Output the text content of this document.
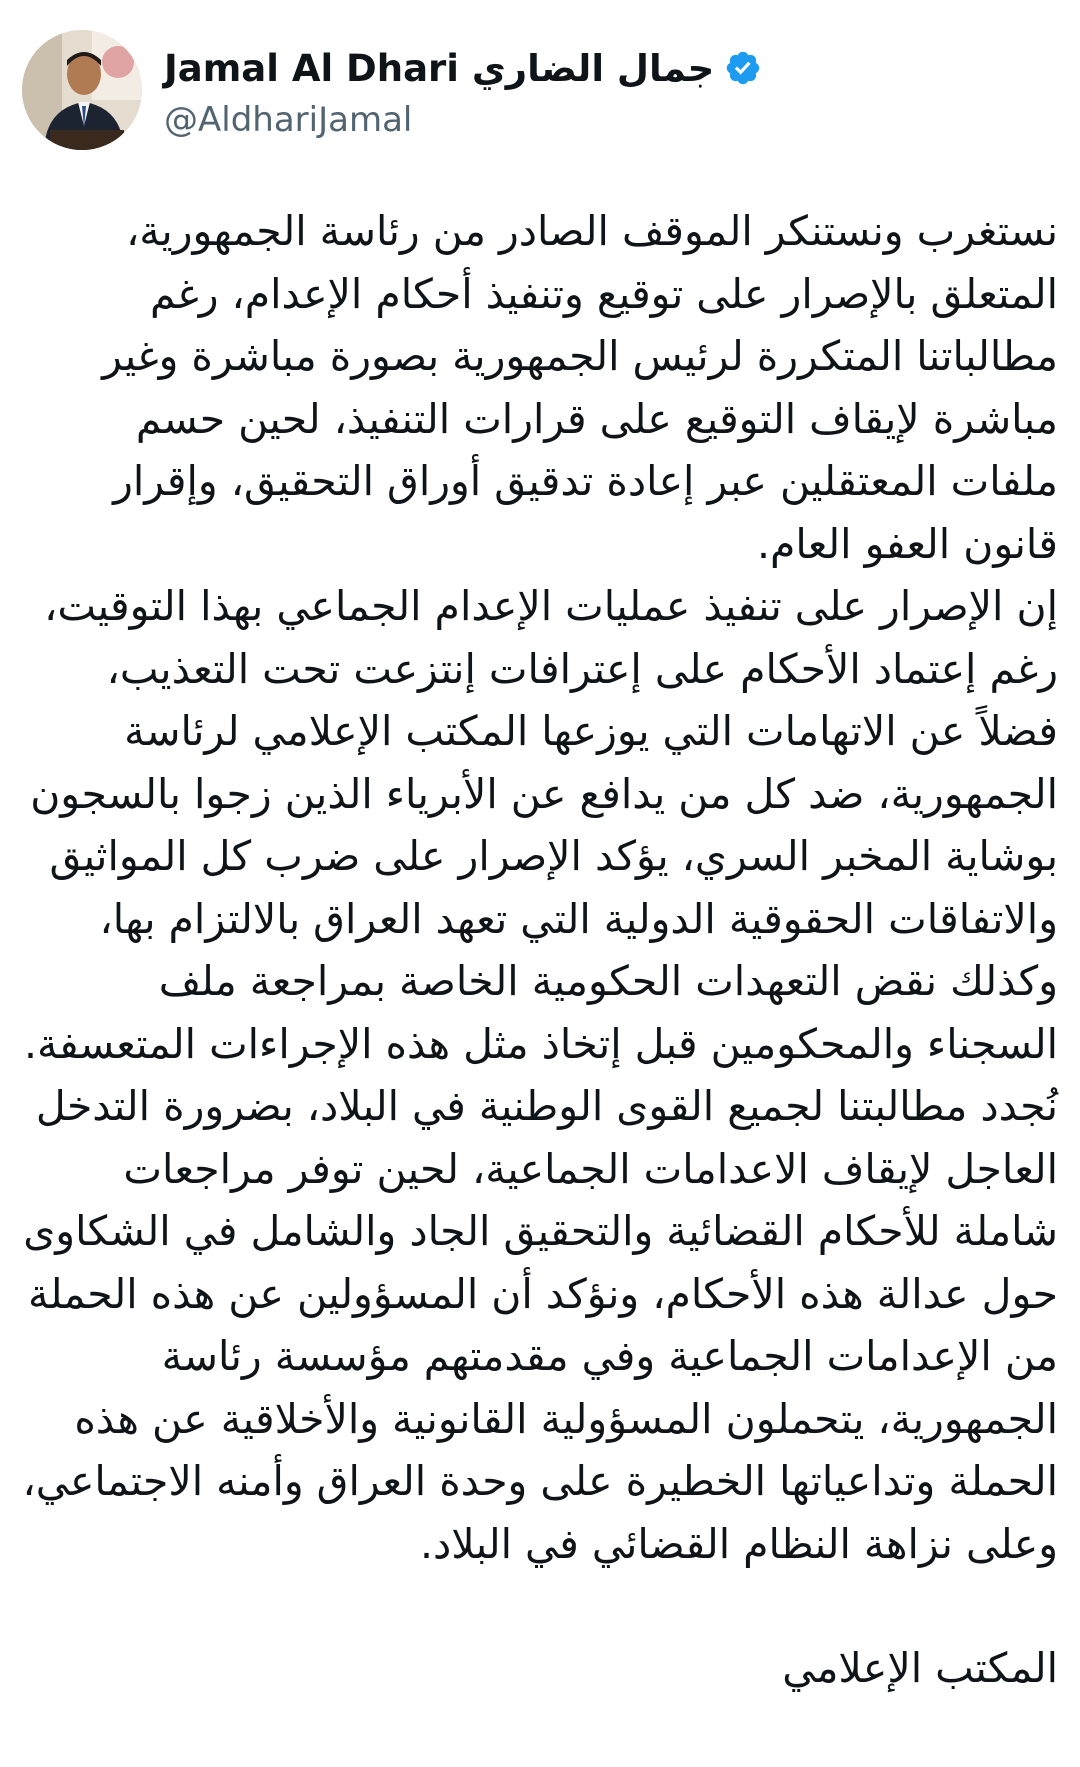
Jamal Al Dhari جمال الضاري
@AldhariJamal

نستغرب ونستنكر الموقف الصادر من رئاسة الجمهورية، المتعلق بالإصرار على توقيع وتنفيذ أحكام الإعدام، رغم مطالباتنا المتكررة لرئيس الجمهورية بصورة مباشرة وغير مباشرة لإيقاف التوقيع على قرارات التنفيذ، لحين حسم ملفات المعتقلين عبر إعادة تدقيق أوراق التحقيق، وإقرار قانون العفو العام.

إن الإصرار على تنفيذ عمليات الإعدام الجماعي بهذا التوقيت، رغم إعتماد الأحكام على إعترافات إنتزعت تحت التعذيب، فضلاً عن الاتهامات التي يوزعها المكتب الإعلامي لرئاسة الجمهورية، ضد كل من يدافع عن الأبرياء الذين زجوا بالسجون بوشاية المخبر السري، يؤكد الإصرار على ضرب كل المواثيق والاتفاقات الحقوقية الدولية التي تعهد العراق بالالتزام بها، وكذلك نقض التعهدات الحكومية الخاصة بمراجعة ملف السجناء والمحكومين قبل إتخاذ مثل هذه الإجراءات المتعسفة.

نُجدد مطالبتنا لجميع القوى الوطنية في البلاد، بضرورة التدخل العاجل لإيقاف الاعدامات الجماعية، لحين توفر مراجعات شاملة للأحكام القضائية والتحقيق الجاد والشامل في الشكاوى حول عدالة هذه الأحكام، ونؤكد أن المسؤولين عن هذه الحملة من الإعدامات الجماعية وفي مقدمتهم مؤسسة رئاسة الجمهورية، يتحملون المسؤولية القانونية والأخلاقية عن هذه الحملة وتداعياتها الخطيرة على وحدة العراق وأمنه الاجتماعي، وعلى نزاهة النظام القضائي في البلاد.

المكتب الإعلامي
